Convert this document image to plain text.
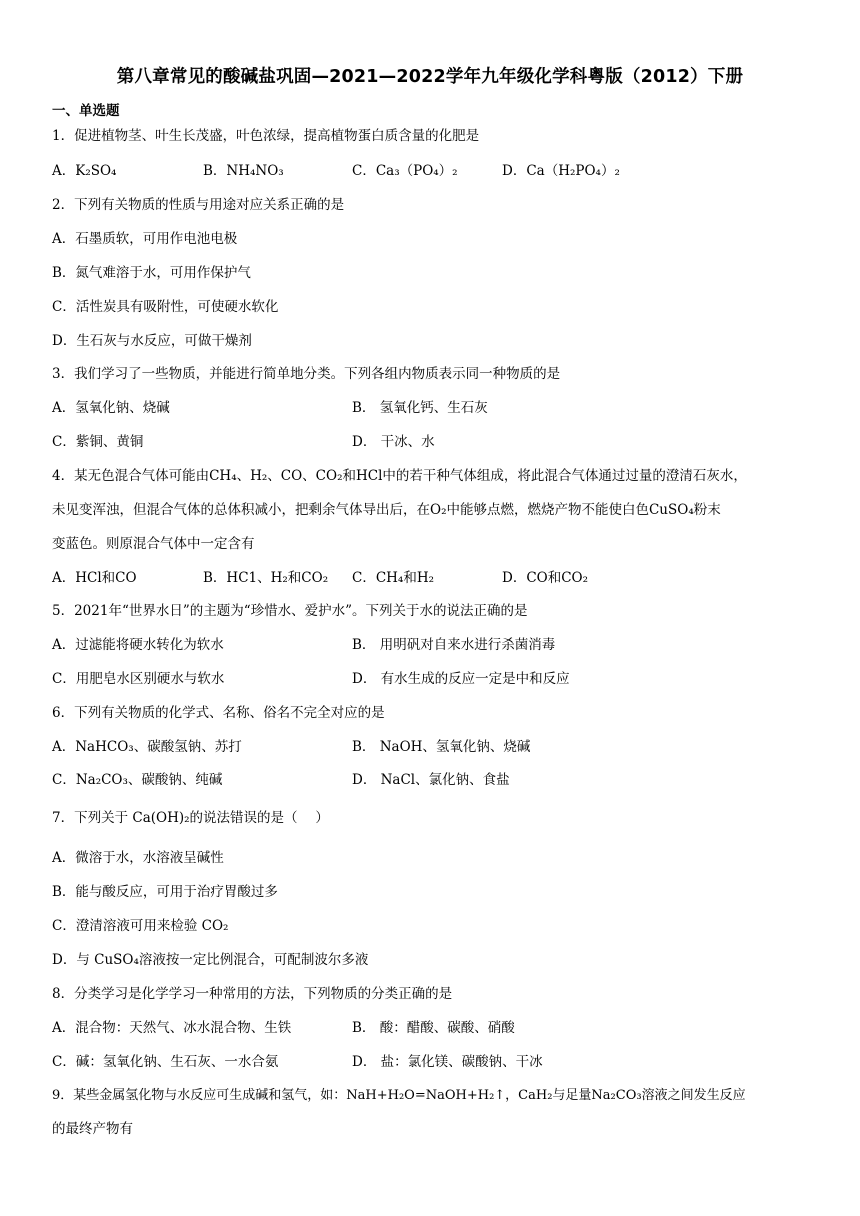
第八章常见的酸碱盐巩固—2021—2022学年九年级化学科粤版（2012）下册
一、单选题
1．促进植物茎、叶生长茂盛，叶色浓绿，提高植物蛋白质含量的化肥是
A．K₂SO₄	B．NH₄NO₃	C．Ca₃（PO₄）₂	D．Ca（H₂PO₄）₂
2．下列有关物质的性质与用途对应关系正确的是
A．石墨质软，可用作电池电极
B．氮气难溶于水，可用作保护气
C．活性炭具有吸附性，可使硬水软化
D．生石灰与水反应，可做干燥剂
3．我们学习了一些物质，并能进行简单地分类。下列各组内物质表示同一种物质的是
A．氢氧化钠、烧碱	B． 氢氧化钙、生石灰
C．紫铜、黄铜	D． 干冰、水
4．某无色混合气体可能由CH₄、H₂、CO、CO₂和HCl中的若干种气体组成，将此混合气体通过过量的澄清石灰水，
未见变浑浊，但混合气体的总体积减小，把剩余气体导出后，在O₂中能够点燃，燃烧产物不能使白色CuSO₄粉末
变蓝色。则原混合气体中一定含有
A．HCl和CO	B．HC1、H₂和CO₂ C．CH₄和H₂	D．CO和CO₂
5．2021年“世界水日”的主题为“珍惜水、爱护水”。下列关于水的说法正确的是
A．过滤能将硬水转化为软水	B． 用明矾对自来水进行杀菌消毒
C．用肥皂水区别硬水与软水	D． 有水生成的反应一定是中和反应
6．下列有关物质的化学式、名称、俗名不完全对应的是
A．NaHCO₃、碳酸氢钠、苏打	B． NaOH、氢氧化钠、烧碱
C．Na₂CO₃、碳酸钠、纯碱	D． NaCl、氯化钠、食盐
7．下列关于 Ca(OH)₂的说法错误的是（　 ）
A．微溶于水，水溶液呈碱性
B．能与酸反应，可用于治疗胃酸过多
C．澄清溶液可用来检验 CO₂
D．与 CuSO₄溶液按一定比例混合，可配制波尔多液
8．分类学习是化学学习一种常用的方法，下列物质的分类正确的是
A．混合物：天然气、冰水混合物、生铁	B． 酸：醋酸、碳酸、硝酸
C．碱：氢氧化钠、生石灰、一水合氨	D． 盐：氯化镁、碳酸钠、干冰
9．某些金属氢化物与水反应可生成碱和氢气，如：NaH+H₂O=NaOH+H₂↑，CaH₂与足量Na₂CO₃溶液之间发生反应
的最终产物有
